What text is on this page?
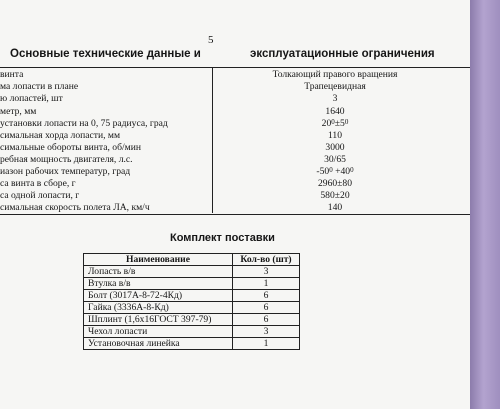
5
Основные технические данные и	эксплуатационные ограничения
винта	Толкающий правого вращения
ма лопасти в плане	Трапецевидная
ю лопастей, шт	3
метр, мм	1640
установки лопасти на 0, 75 радиуса, град	$20^0\pm 5^0$
симальная хорда лопасти, мм	110
симальные обороты винта, об/мин	3000
ребная мощность двигателя, л.с.	30/65
иазон рабочих температур, град	$-50^0 +40^0$
са винта в сборе, г	2960±80
са одной лопасти, г	580±20
симальная скорость полета ЛА, км/ч	140
Комплект поставки
Наименование	Кол-во (шт)
Лопасть в/в	3
Втулка в/в	1
Болт (3017А-8-72-4Кд)	6
Гайка (3336А-8-Кд)	6
Шплинт (1,6х16ГОСТ 397-79)	6
Чехол лопасти	3
Установочная линейка	1
